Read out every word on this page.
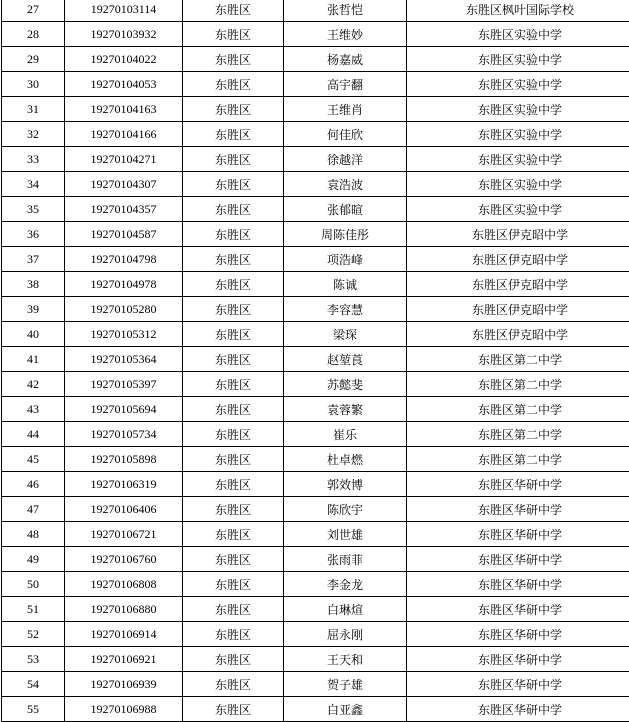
27	19270103114	东胜区	张哲恺	东胜区枫叶国际学校
28	19270103932	东胜区	王维妙	东胜区实验中学
29	19270104022	东胜区	杨嘉威	东胜区实验中学
30	19270104053	东胜区	高宇翻	东胜区实验中学
31	19270104163	东胜区	王维肖	东胜区实验中学
32	19270104166	东胜区	何佳欣	东胜区实验中学
33	19270104271	东胜区	徐越洋	东胜区实验中学
34	19270104307	东胜区	袁浩波	东胜区实验中学
35	19270104357	东胜区	张郁暄	东胜区实验中学
36	19270104587	东胜区	周陈佳彤	东胜区伊克昭中学
37	19270104798	东胜区	项浩峰	东胜区伊克昭中学
38	19270104978	东胜区	陈诚	东胜区伊克昭中学
39	19270105280	东胜区	李容慧	东胜区伊克昭中学
40	19270105312	东胜区	梁琛	东胜区伊克昭中学
41	19270105364	东胜区	赵堃莨	东胜区第二中学
42	19270105397	东胜区	苏懿斐	东胜区第二中学
43	19270105694	东胜区	袁蓉繁	东胜区第二中学
44	19270105734	东胜区	崔乐	东胜区第二中学
45	19270105898	东胜区	杜卓燃	东胜区第二中学
46	19270106319	东胜区	郭效博	东胜区华研中学
47	19270106406	东胜区	陈欣宇	东胜区华研中学
48	19270106721	东胜区	刘世雄	东胜区华研中学
49	19270106760	东胜区	张雨菲	东胜区华研中学
50	19270106808	东胜区	李金龙	东胜区华研中学
51	19270106880	东胜区	白琳煊	东胜区华研中学
52	19270106914	东胜区	屈永刚	东胜区华研中学
53	19270106921	东胜区	王天和	东胜区华研中学
54	19270106939	东胜区	贺子雄	东胜区华研中学
55	19270106988	东胜区	白亚鑫	东胜区华研中学
